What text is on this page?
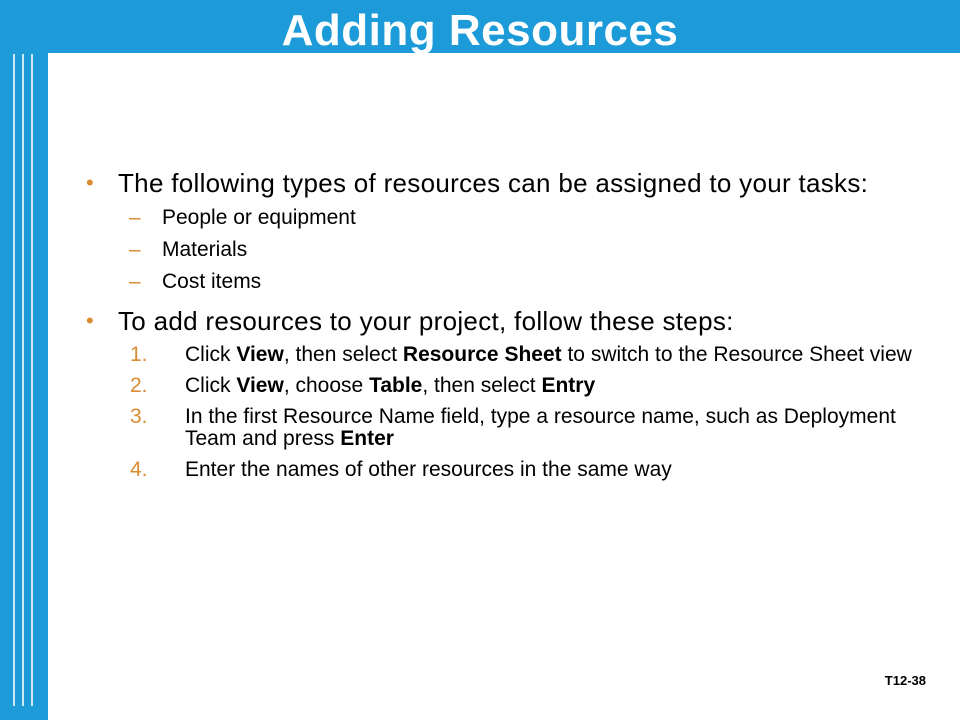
Adding Resources
• The following types of resources can be assigned to your tasks:
– People or equipment
– Materials
– Cost items
• To add resources to your project, follow these steps:
1. Click View, then select Resource Sheet to switch to the Resource Sheet view
2. Click View, choose Table, then select Entry
3. In the first Resource Name field, type a resource name, such as Deployment Team and press Enter
4. Enter the names of other resources in the same way
T12-38
